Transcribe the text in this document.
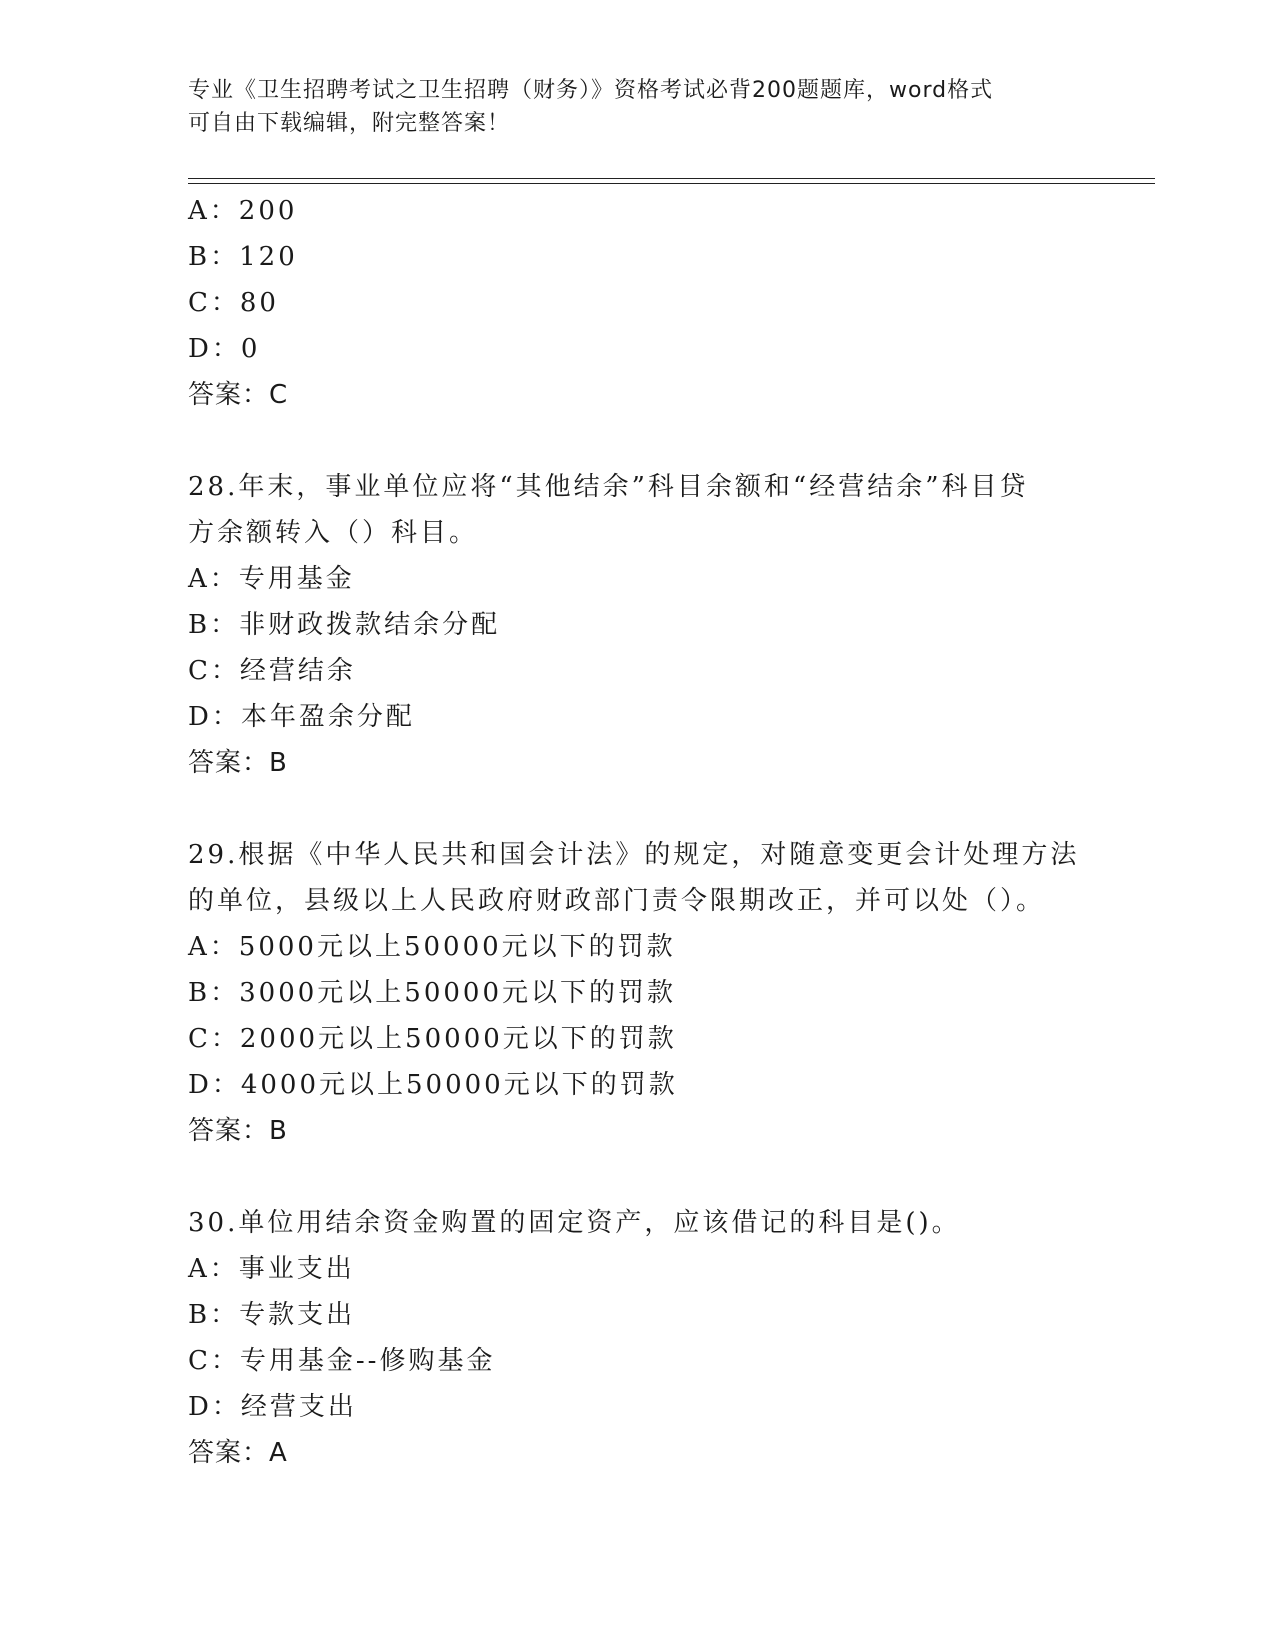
专业《卫生招聘考试之卫生招聘（财务）》资格考试必背200题题库，word格式
可自由下载编辑，附完整答案！
A：200
B：120
C：80
D：0
答案：C
28.年末，事业单位应将“其他结余”科目余额和“经营结余”科目贷
方余额转入（）科目。
A：专用基金
B：非财政拨款结余分配
C：经营结余
D：本年盈余分配
答案：B
29.根据《中华人民共和国会计法》的规定，对随意变更会计处理方法
的单位，县级以上人民政府财政部门责令限期改正，并可以处（）。
A：5000元以上50000元以下的罚款
B：3000元以上50000元以下的罚款
C：2000元以上50000元以下的罚款
D：4000元以上50000元以下的罚款
答案：B
30.单位用结余资金购置的固定资产，应该借记的科目是()。
A：事业支出
B：专款支出
C：专用基金--修购基金
D：经营支出
答案：A
